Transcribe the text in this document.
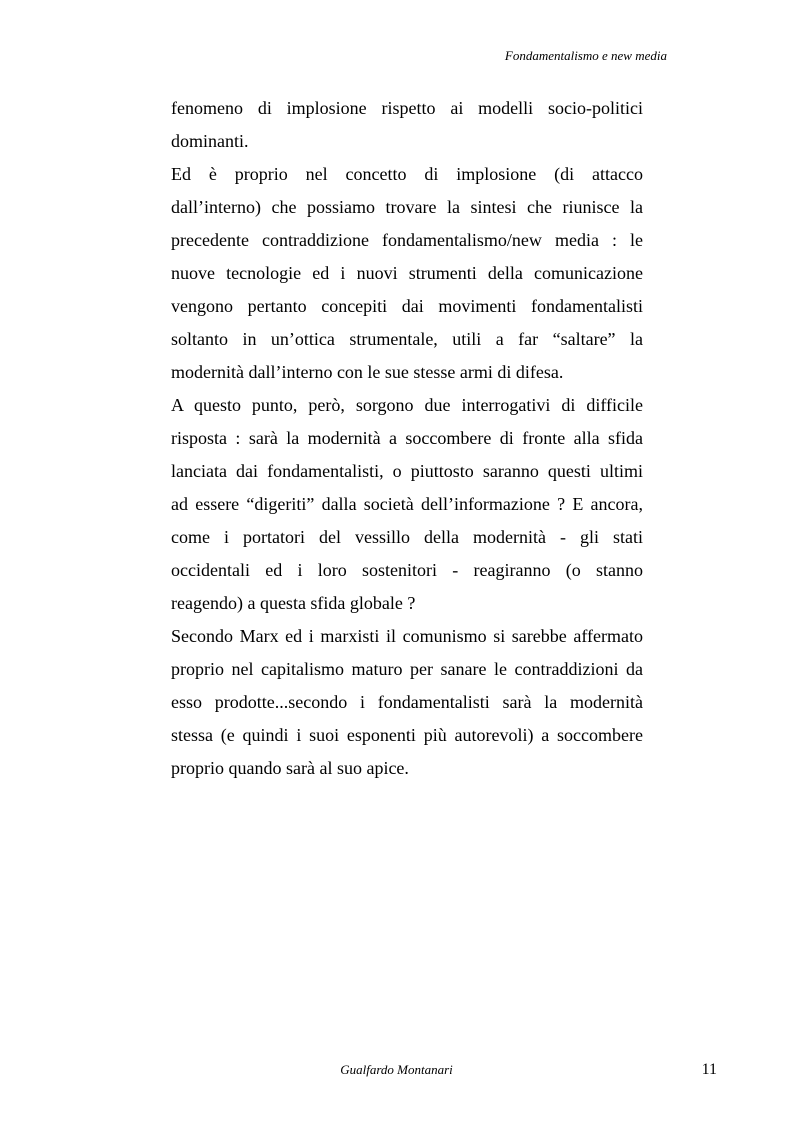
Fondamentalismo e new media
fenomeno di implosione rispetto ai modelli socio-politici
dominanti.
Ed è proprio nel concetto di implosione (di attacco
dall’interno) che possiamo trovare la sintesi che riunisce la
precedente contraddizione fondamentalismo/new media : le
nuove tecnologie ed i nuovi strumenti della comunicazione
vengono pertanto concepiti dai movimenti fondamentalisti
soltanto in un’ottica strumentale, utili a far “saltare” la
modernità dall’interno con le sue stesse armi di difesa.
A questo punto, però, sorgono due interrogativi di difficile
risposta : sarà la modernità a soccombere di fronte alla sfida
lanciata dai fondamentalisti, o piuttosto saranno questi ultimi
ad essere “digeriti” dalla società dell’informazione ? E ancora,
come i portatori del vessillo della modernità - gli stati
occidentali ed i loro sostenitori - reagiranno (o stanno
reagendo) a questa sfida globale ?
Secondo Marx ed i marxisti il comunismo si sarebbe affermato
proprio nel capitalismo maturo per sanare le contraddizioni da
esso prodotte...secondo i fondamentalisti sarà la modernità
stessa (e quindi i suoi esponenti più autorevoli) a soccombere
proprio quando sarà al suo apice.
Gualfardo Montanari	11
